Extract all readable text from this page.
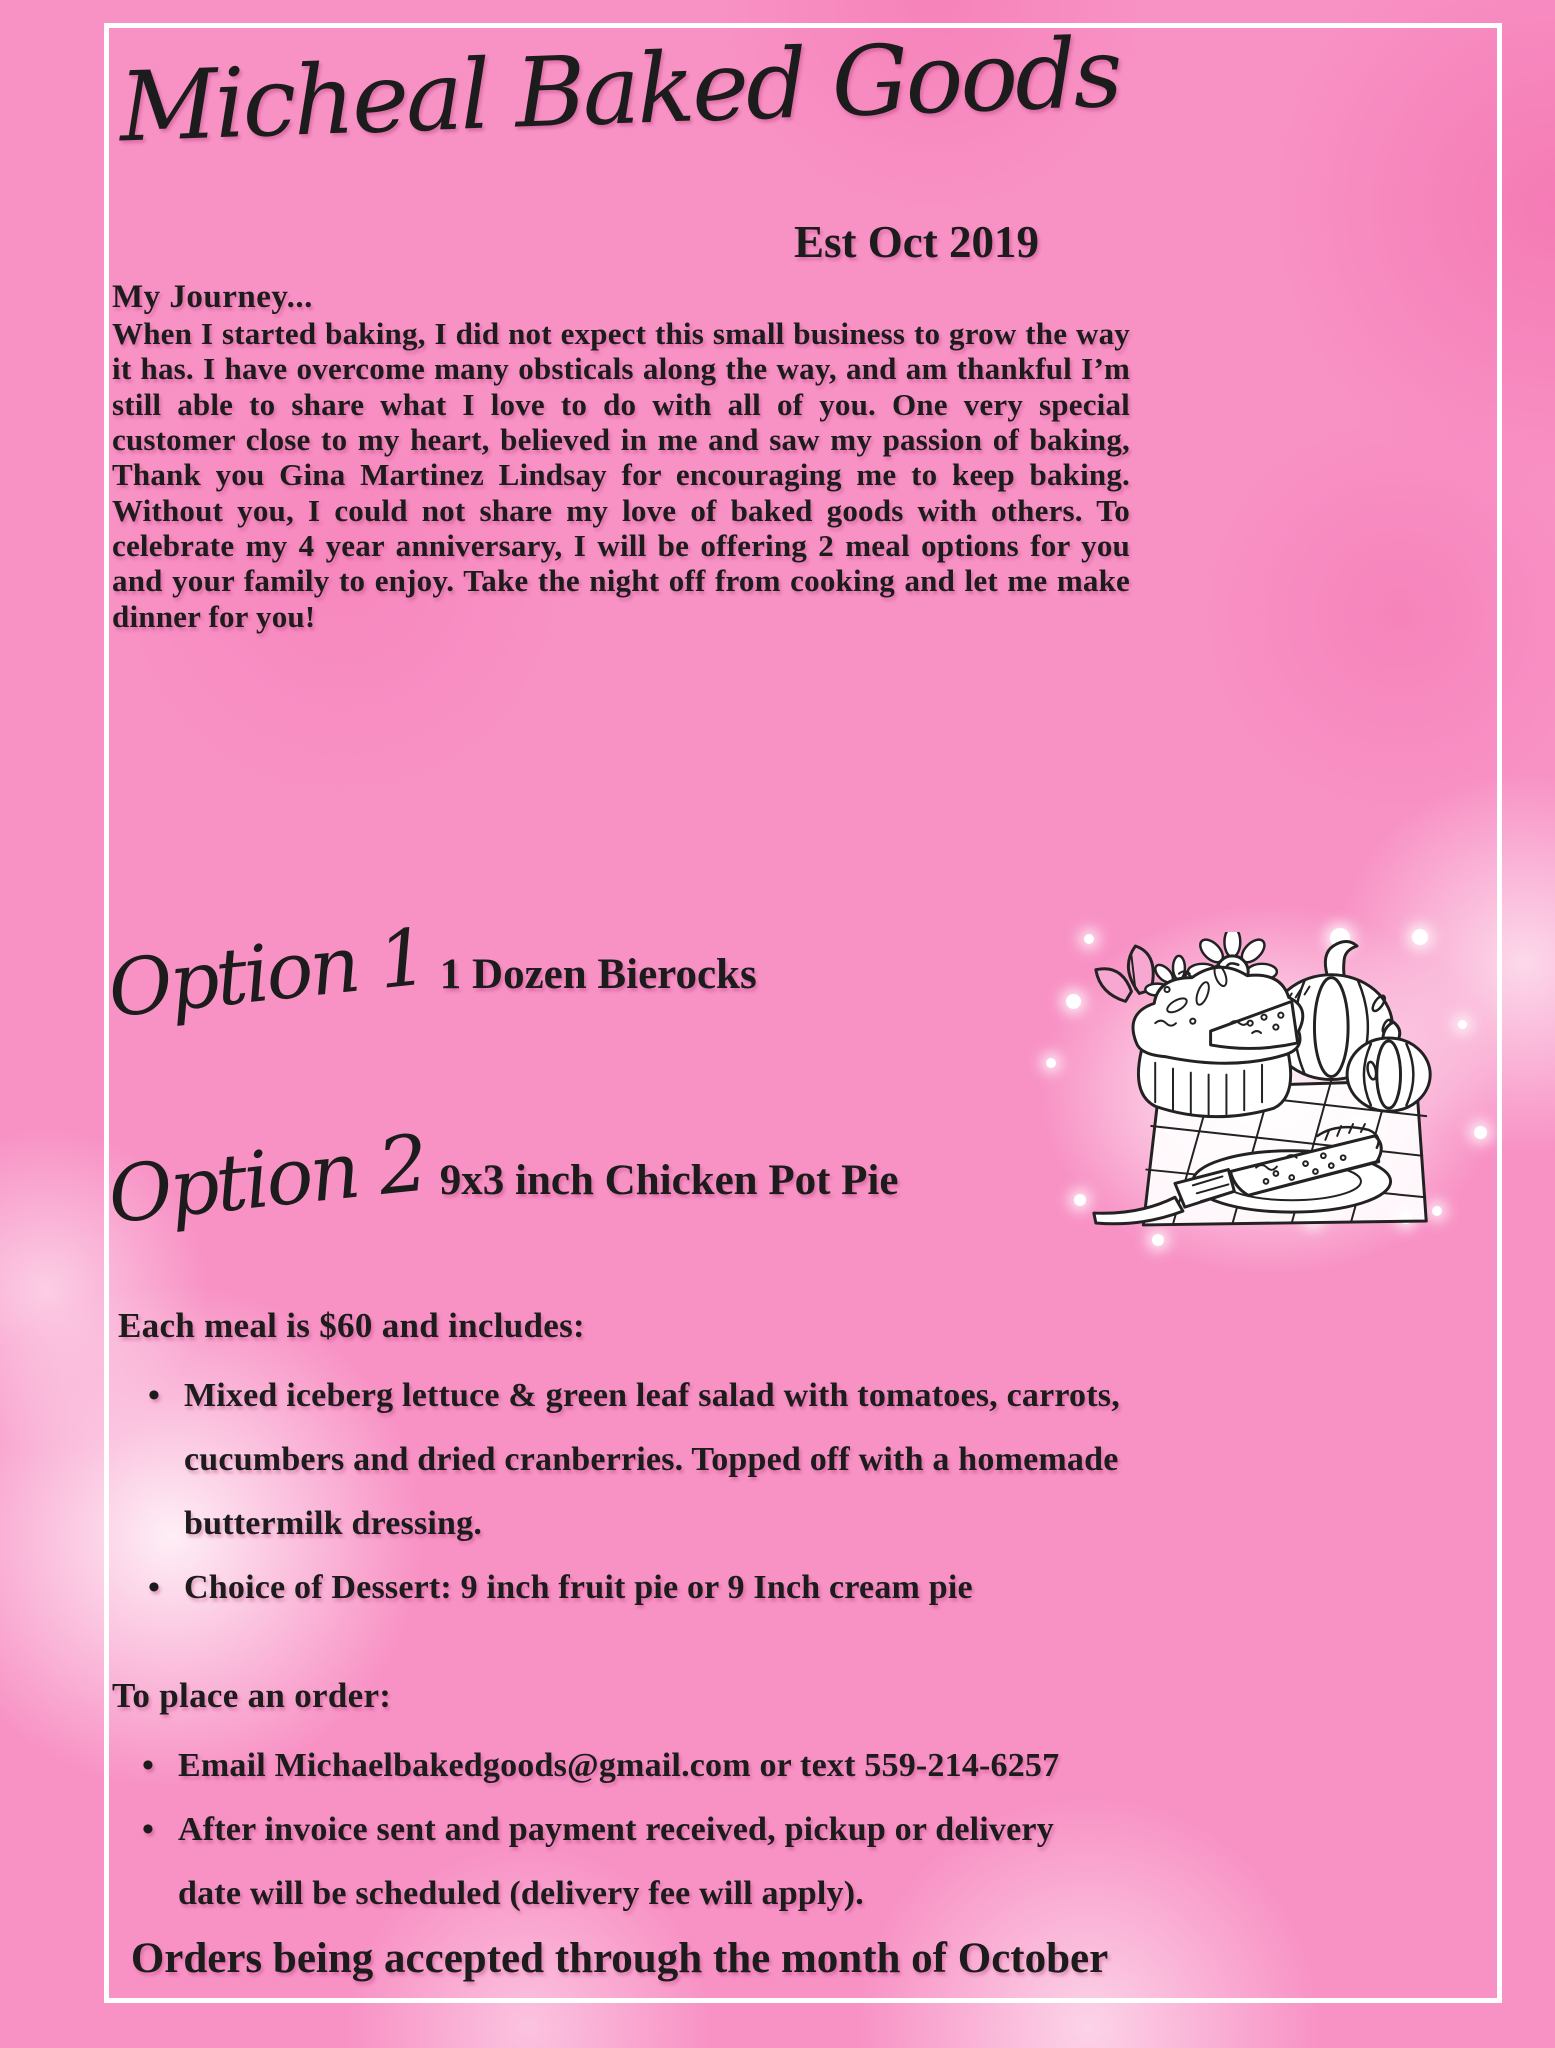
Micheal Baked Goods
Est Oct 2019
My Journey...

When I started baking, I did not expect this small business to grow the way it has. I have overcome many obsticals along the way, and am thankful I’m still able to share what I love to do with all of you. One very special customer close to my heart, believed in me and saw my passion of baking, Thank you Gina Martinez Lindsay for encouraging me to keep baking. Without you, I could not share my love of baked goods with others. To celebrate my 4 year anniversary, I will be offering 2 meal options for you and your family to enjoy. Take the night off from cooking and let me make dinner for you!

Option 1 1 Dozen Bierocks
Option 2 9x3 inch Chicken Pot Pie
Each meal is $60 and includes:
• Mixed iceberg lettuce & green leaf salad with tomatoes, carrots, cucumbers and dried cranberries. Topped off with a homemade buttermilk dressing.
• Choice of Dessert: 9 inch fruit pie or 9 Inch cream pie
To place an order:
• Email Michaelbakedgoods@gmail.com or text 559-214-6257
• After invoice sent and payment received, pickup or delivery date will be scheduled (delivery fee will apply).
Orders being accepted through the month of October
